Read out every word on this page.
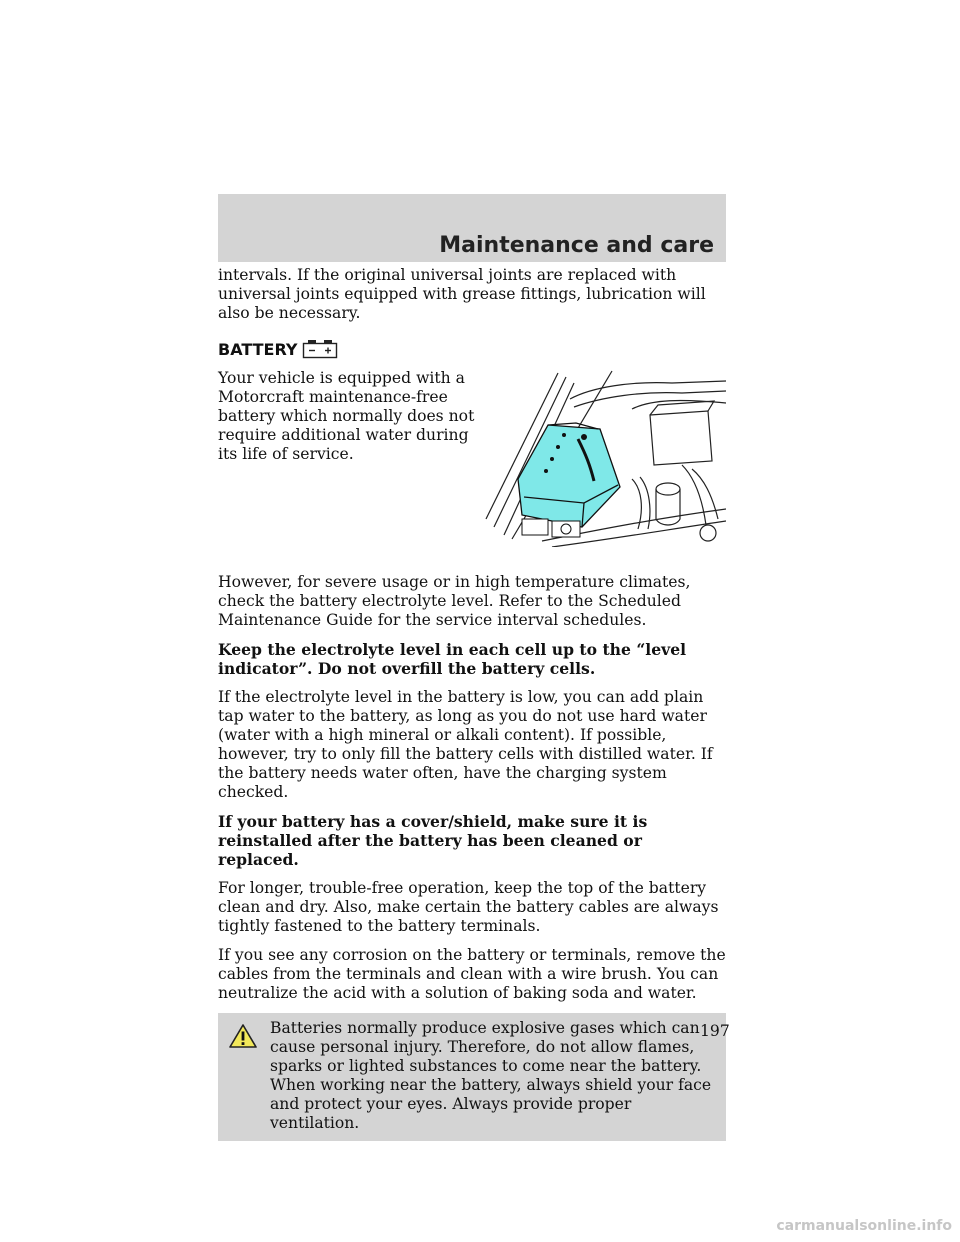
Maintenance and care

intervals. If the original universal joints are replaced with universal joints equipped with grease fittings, lubrication will also be necessary.

BATTERY

Your vehicle is equipped with a Motorcraft maintenance-free battery which normally does not require additional water during its life of service.

However, for severe usage or in high temperature climates, check the battery electrolyte level. Refer to the Scheduled Maintenance Guide for the service interval schedules.

Keep the electrolyte level in each cell up to the “level indicator”. Do not overfill the battery cells.

If the electrolyte level in the battery is low, you can add plain tap water to the battery, as long as you do not use hard water (water with a high mineral or alkali content). If possible, however, try to only fill the battery cells with distilled water. If the battery needs water often, have the charging system checked.

If your battery has a cover/shield, make sure it is reinstalled after the battery has been cleaned or replaced.

For longer, trouble-free operation, keep the top of the battery clean and dry. Also, make certain the battery cables are always tightly fastened to the battery terminals.

If you see any corrosion on the battery or terminals, remove the cables from the terminals and clean with a wire brush. You can neutralize the acid with a solution of baking soda and water.

Batteries normally produce explosive gases which can cause personal injury. Therefore, do not allow flames, sparks or lighted substances to come near the battery. When working near the battery, always shield your face and protect your eyes. Always provide proper ventilation.

197
carmanualsonline.info
